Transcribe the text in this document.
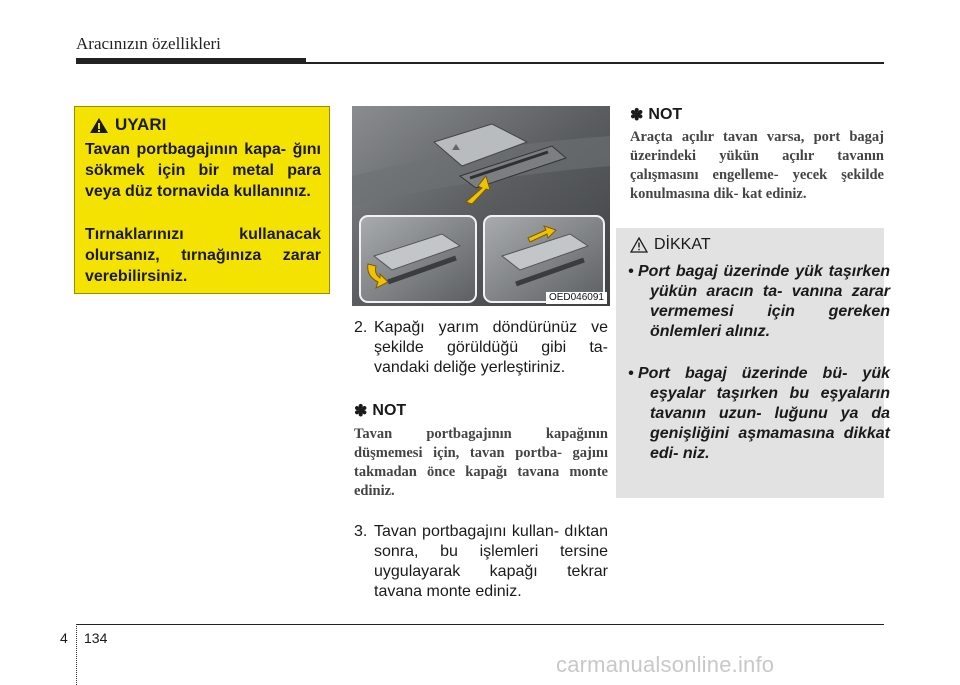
Aracınızın özellikleri
UYARI
Tavan portbagajının kapa- ğını sökmek için bir metal para veya düz tornavida kullanınız.
Tırnaklarınızı kullanacak olursanız, tırnağınıza zarar verebilirsiniz.
OED046091
2. Kapağı yarım döndürünüz ve şekilde görüldüğü gibi ta- vandaki deliğe yerleştiriniz.
✽ NOT
Tavan portbagajının kapağının düşmemesi için, tavan portba- gajını takmadan önce kapağı tavana monte ediniz.
3. Tavan portbagajını kullan- dıktan sonra, bu işlemleri tersine uygulayarak kapağı tekrar tavana monte ediniz.
✽ NOT
Araçta açılır tavan varsa, port bagaj üzerindeki yükün açılır tavanın çalışmasını engelleme- yecek şekilde konulmasına dik- kat ediniz.
DİKKAT
• Port bagaj üzerinde yük taşırken yükün aracın ta- vanına zarar vermemesi için gereken önlemleri alınız.
• Port bagaj üzerinde bü- yük eşyalar taşırken bu eşyaların tavanın uzun- luğunu ya da genişliğini aşmamasına dikkat edi- niz.
4 134
carmanualsonline.info
